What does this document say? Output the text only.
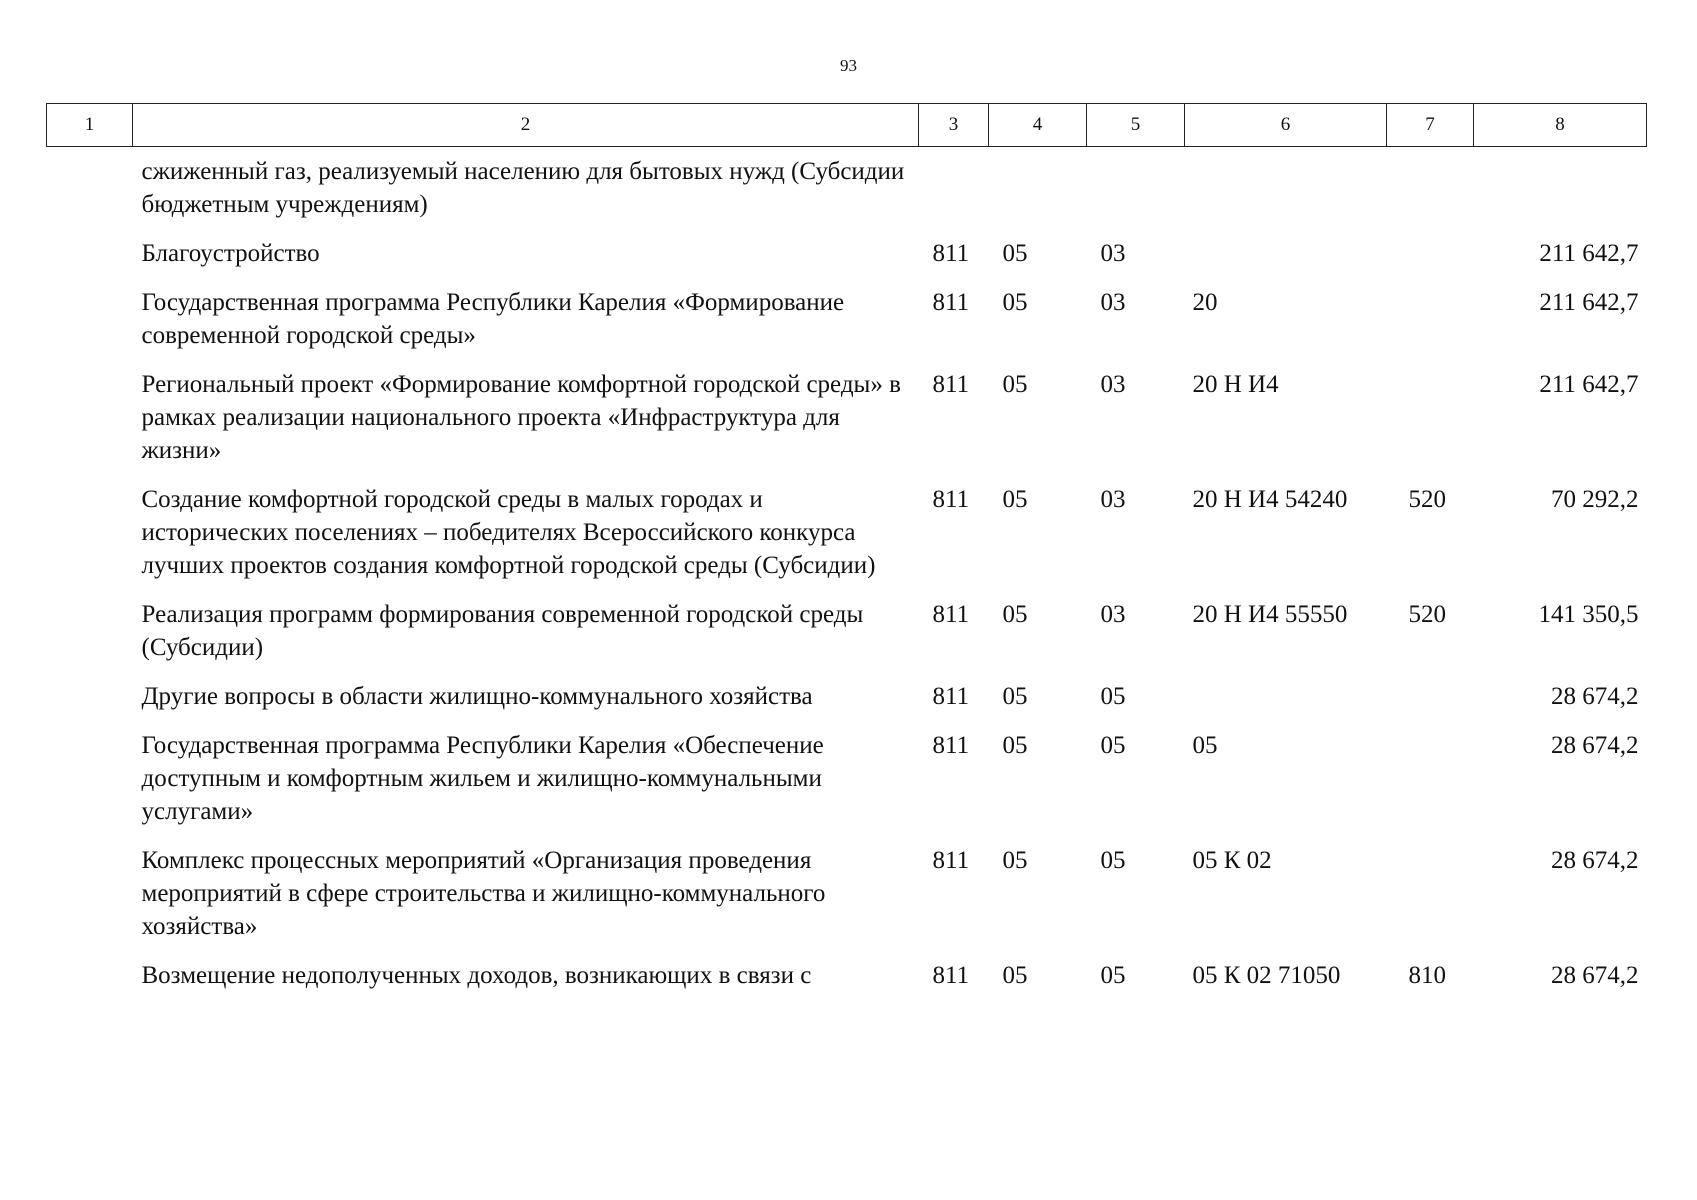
93
1	2	3	4	5	6	7	8
	сжиженный газ, реализуемый населению для бытовых нужд (Субсидии бюджетным учреждениям)						
	Благоустройство	811	05	03			211 642,7
	Государственная программа Республики Карелия «Формирование современной городской среды»	811	05	03	20		211 642,7
	Региональный проект «Формирование комфортной городской среды» в рамках реализации национального проекта «Инфраструктура для жизни»	811	05	03	20 Н И4		211 642,7
	Создание комфортной городской среды в малых городах и исторических поселениях – победителях Всероссийского конкурса лучших проектов создания комфортной городской среды (Субсидии)	811	05	03	20 Н И4 54240	520	70 292,2
	Реализация программ формирования современной городской среды (Субсидии)	811	05	03	20 Н И4 55550	520	141 350,5
	Другие вопросы в области жилищно-коммунального хозяйства	811	05	05			28 674,2
	Государственная программа Республики Карелия «Обеспечение доступным и комфортным жильем и жилищно-коммунальными услугами»	811	05	05	05		28 674,2
	Комплекс процессных мероприятий «Организация проведения мероприятий в сфере строительства и жилищно-коммунального хозяйства»	811	05	05	05 К 02		28 674,2
	Возмещение недополученных доходов, возникающих в связи с	811	05	05	05 К 02 71050	810	28 674,2
